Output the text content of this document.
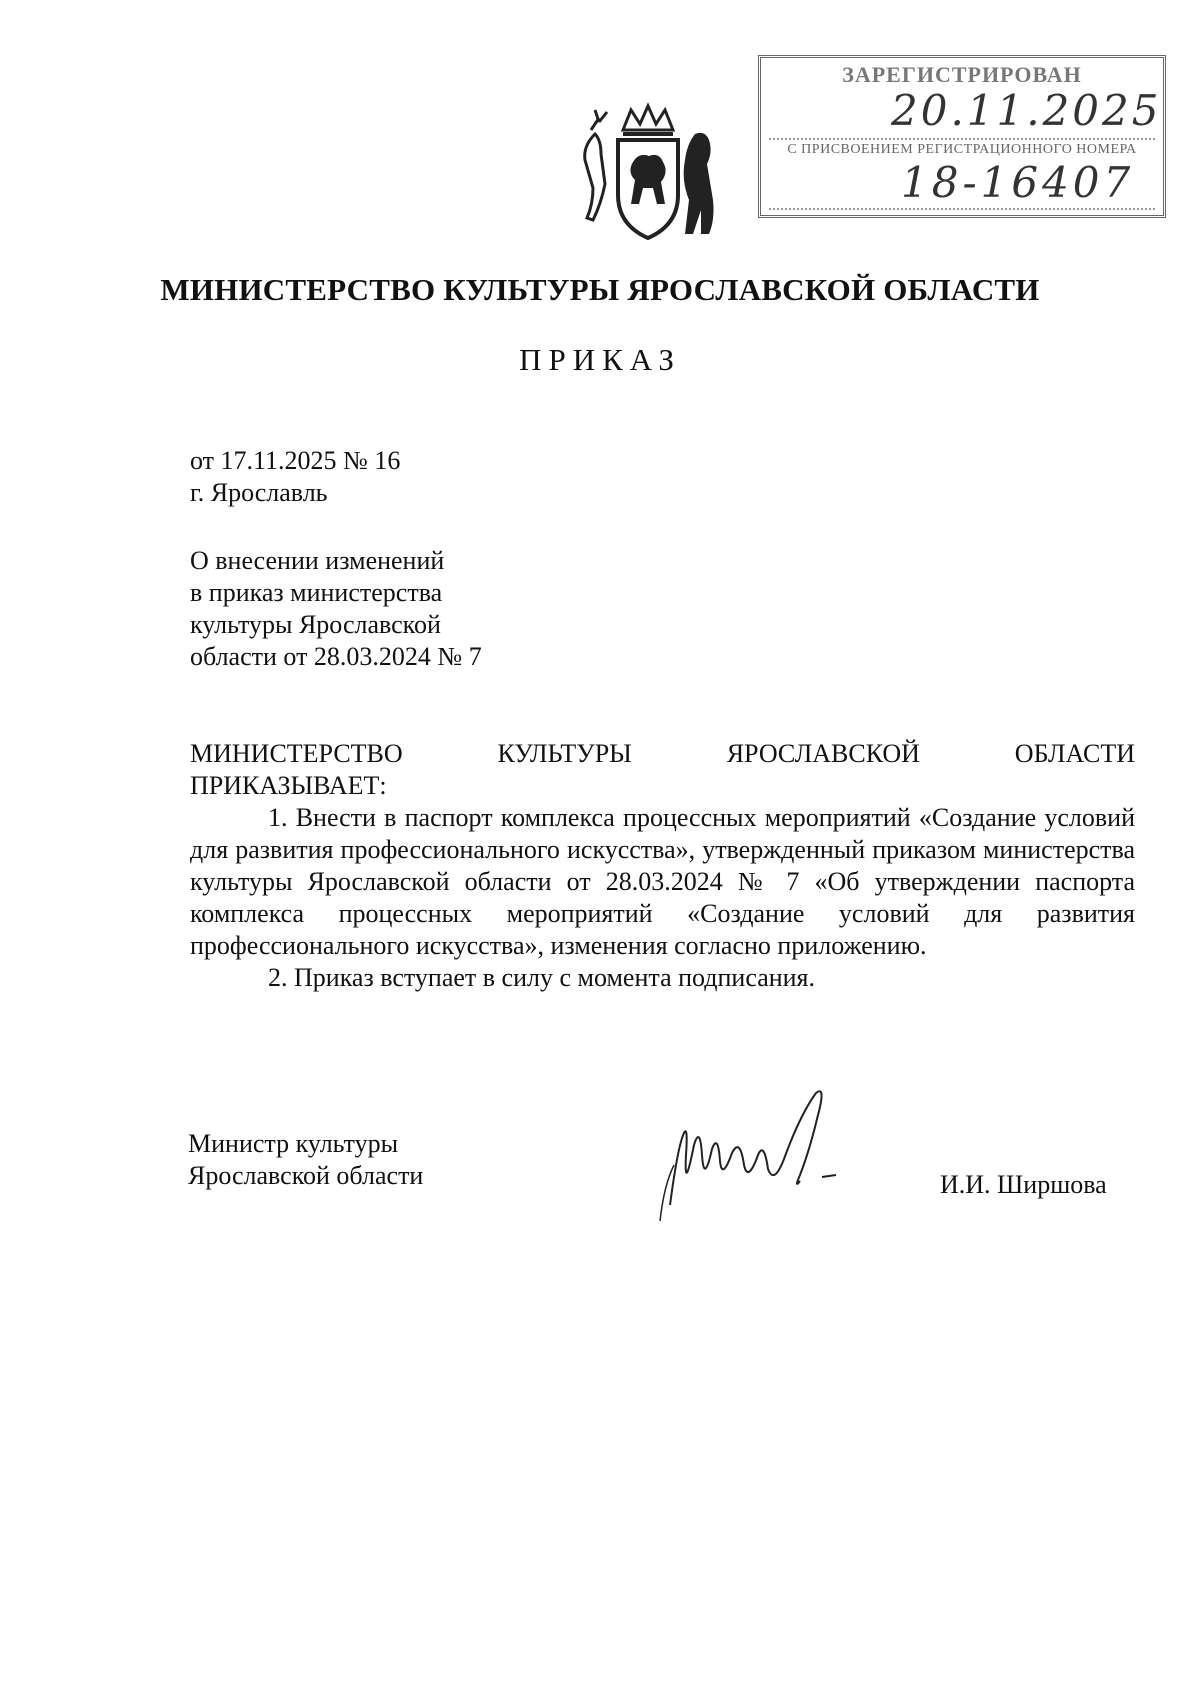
ЗАРЕГИСТРИРОВАН
20.11.2025
С ПРИСВОЕНИЕМ РЕГИСТРАЦИОННОГО НОМЕРА
18-16407
МИНИСТЕРСТВО КУЛЬТУРЫ ЯРОСЛАВСКОЙ ОБЛАСТИ
ПРИКАЗ
от 17.11.2025 № 16
г. Ярославль
О внесении изменений
в приказ министерства
культуры Ярославской
области от 28.03.2024 № 7
МИНИСТЕРСТВО	КУЛЬТУРЫ	ЯРОСЛАВСКОЙ	ОБЛАСТИ
ПРИКАЗЫВАЕТ:

1. Внести в паспорт комплекса процессных мероприятий «Создание условий для развития профессионального искусства», утвержденный приказом министерства культуры Ярославской области от 28.03.2024 № 7 «Об утверждении паспорта комплекса процессных мероприятий «Создание условий для развития профессионального искусства», изменения согласно приложению.

2. Приказ вступает в силу с момента подписания.

Министр культуры
Ярославской области	И.И. Ширшова
